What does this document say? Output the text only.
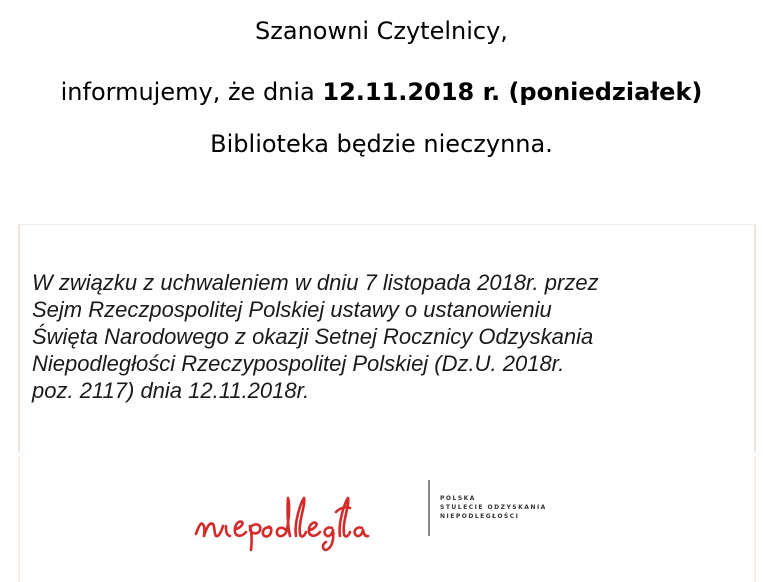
Szanowni Czytelnicy,
informujemy, że dnia 12.11.2018 r. (poniedziałek)
Biblioteka będzie nieczynna.
W związku z uchwaleniem w dniu 7 listopada 2018r. przez
Sejm Rzeczpospolitej Polskiej ustawy o ustanowieniu
Święta Narodowego z okazji Setnej Rocznicy Odzyskania
Niepodległości Rzeczypospolitej Polskiej (Dz.U. 2018r.
poz. 2117) dnia 12.11.2018r.
POLSKA
STULECIE ODZYSKANIA
NIEPODLEGŁOŚCI
